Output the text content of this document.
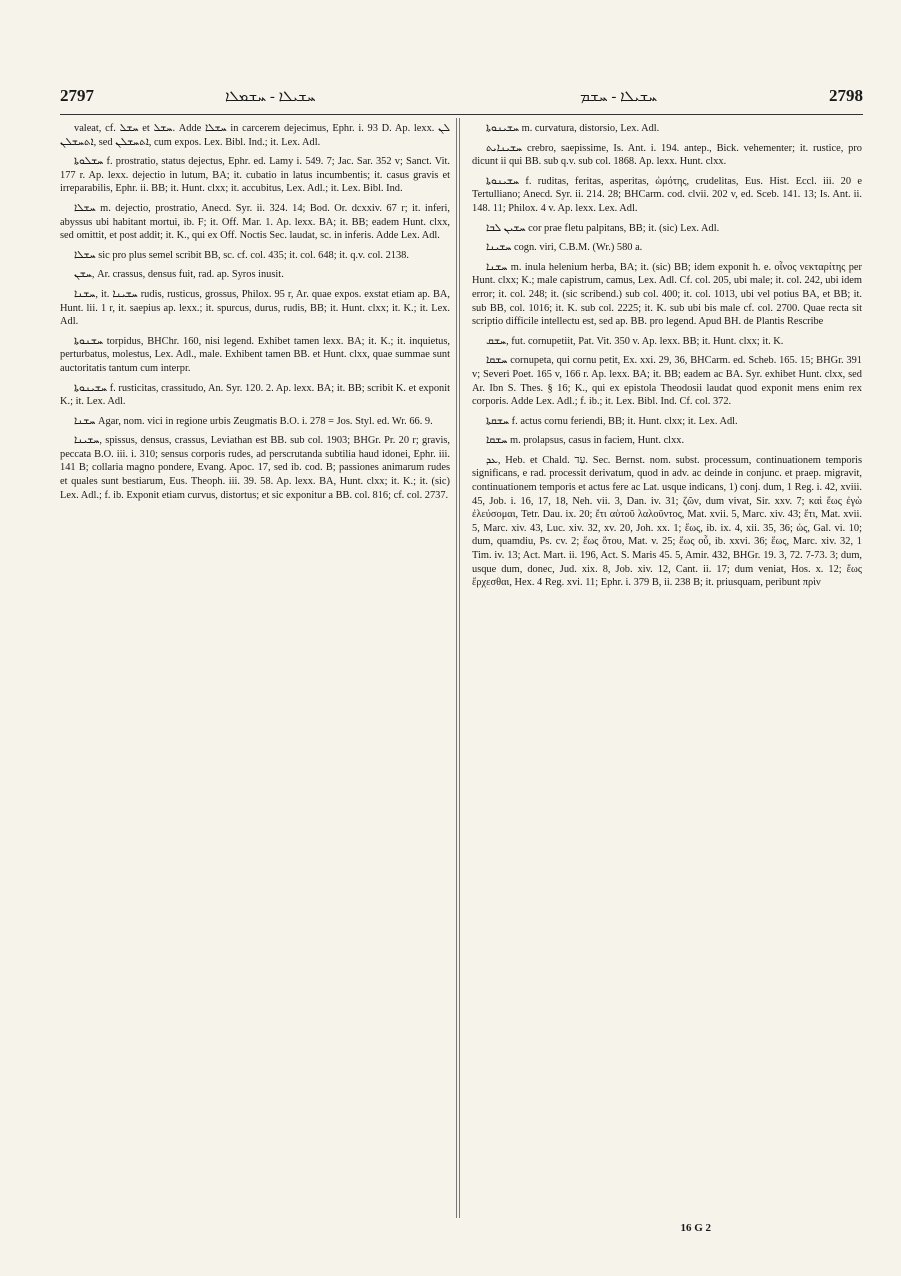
2797	ܚܫܝܠܐ - ܚܫܡܠܐ	ܚܫܝܠܐ - ܚܫܡ	2798

valeat, cf. ܚܫܠ et ܚܫܠ. Adde ܚܫܠܐ in carcerem dejecimus, Ephr. i. 93 D. Ap. lexx. ܠܢ ܐܬܚܫܠܢ, sed ܐܬܚܫܠܢ, cum expos. Lex. Bibl. Ind.; it. Lex. Adl.

ܚܫܠܘܬܐ f. prostratio, status dejectus, Ephr. ed. Lamy i. 549. 7; Jac. Sar. 352 v; Sanct. Vit. 177 r. Ap. lexx. dejectio in lutum, BA; it. cubatio in latus incumbentis; it. casus gravis et irreparabilis, Ephr. ii. BB; it. Hunt. clxx; it. accubitus, Lex. Adl.; it. Lex. Bibl. Ind.

ܚܫܠܐ m. dejectio, prostratio, Anecd. Syr. ii. 324. 14; Bod. Or. dcxxiv. 67 r; it. inferi, abyssus ubi habitant mortui, ib. F; it. Off. Mar. 1. Ap. lexx. BA; it. BB; eadem Hunt. clxx, sed omittit, et post addit; it. K., qui ex Off. Noctis Sec. laudat, sc. in inferis. Adde Lex. Adl.

ܚܫܠܐ sic pro plus semel scribit BB, sc. cf. col. 435; it. col. 648; it. q.v. col. 2138.

ܚܫܢ, Ar. crassus, densus fuit, rad. ap. Syros inusit.

ܚܫܢܐ, it. ܚܫܝܢܐ rudis, rusticus, grossus, Philox. 95 r, Ar. quae expos. exstat etiam ap. BA, Hunt. lii. 1 r, it. saepius ap. lexx.; it. spurcus, durus, rudis, BB; it. Hunt. clxx; it. K.; it. Lex. Adl.

ܚܫܢܘܬܐ torpidus, BHChr. 160, nisi legend. Exhibet tamen lexx. BA; it. K.; it. inquietus, perturbatus, molestus, Lex. Adl., male. Exhibent tamen BB. et Hunt. clxx, quae summae sunt auctoritatis tantum cum interpr.

ܚܫܝܢܘܬܐ f. rusticitas, crassitudo, An. Syr. 120. 2. Ap. lexx. BA; it. BB; scribit K. et exponit K.; it. Lex. Adl.

ܚܫܢܐ Agar, nom. vici in regione urbis Zeugmatis B.O. i. 278 = Jos. Styl. ed. Wr. 66. 9.

ܚܫܝܢܐ, spissus, densus, crassus, Leviathan est BB. sub col. 1903; BHGr. Pr. 20 r; gravis, peccata B.O. iii. i. 310; sensus corporis rudes, ad perscrutanda subtilia haud idonei, Ephr. iii. 141 B; collaria magno pondere, Evang. Apoc. 17, sed ib. cod. B; passiones animarum rudes et quales sunt bestiarum, Eus. Theoph. iii. 39. 58. Ap. lexx. BA, Hunt. clxx; it. K.; it. (sic) Lex. Adl.; f. ib. Exponit etiam curvus, distortus; et sic exponitur a BB. col. 816; cf. col. 2737.

ܚܫܝܢܘܬܐ m. curvatura, distorsio, Lex. Adl.

ܚܫܝܢܐܝܬ crebro, saepissime, Is. Ant. i. 194. antep., Bick. vehementer; it. rustice, pro dicunt ii qui BB. sub q.v. sub col. 1868. Ap. lexx. Hunt. clxx.

ܚܫܝܢܘܬܐ f. ruditas, feritas, asperitas, ὠμότης, crudelitas, Eus. Hist. Eccl. iii. 20 e Tertulliano; Anecd. Syr. ii. 214. 28; BHCarm. cod. clvii. 202 v, ed. Sceb. 141. 13; Is. Ant. ii. 148. 11; Philox. 4 v. Ap. lexx. Lex. Adl.

ܚܫܝܢ ܠܒܐ cor prae fletu palpitans, BB; it. (sic) Lex. Adl.

ܚܫܝܢܐ cogn. viri, C.B.M. (Wr.) 580 a.

ܚܫܢܐ m. inula helenium herba, BA; it. (sic) BB; idem exponit h. e. οἶνος νεκταρίτης per Hunt. clxx; K.; male capistrum, camus, Lex. Adl. Cf. col. 205, ubi male; it. col. 242, ubi idem error; it. col. 248; it. (sic scribend.) sub col. 400; it. col. 1013, ubi vel potius BA, et BB; it. sub BB, col. 1016; it. K. sub col. 2225; it. K. sub ubi bis male cf. col. 2700. Quae recta sit scriptio difficile intellectu est, sed ap. BB. pro legend. Apud BH. de Plantis Rescribe

ܚܫܩ, fut. cornupetiit, Pat. Vit. 350 v. Ap. lexx. BB; it. Hunt. clxx; it. K.

ܚܫܩܐ cornupeta, qui cornu petit, Ex. xxi. 29, 36, BHCarm. ed. Scheb. 165. 15; BHGr. 391 v; Severi Poet. 165 v, 166 r. Ap. lexx. BA; it. BB; eadem ac BA. Syr. exhibet Hunt. clxx, sed Ar. Ibn S. Thes. § 16; K., qui ex epistola Theodosii laudat quod exponit mens enim rex corporis. Adde Lex. Adl.; f. ib.; it. Lex. Bibl. Ind. Cf. col. 372.

ܚܫܩܬܐ f. actus cornu feriendi, BB; it. Hunt. clxx; it. Lex. Adl.

ܚܫܩܐ m. prolapsus, casus in faciem, Hunt. clxx.

ܥܕ, Heb. et Chald. עַד. Sec. Bernst. nom. subst. processum, continuationem temporis significans, e rad. processit derivatum, quod in adv. ac deinde in conjunc. et praep. migravit, continuationem temporis et actus fere ac Lat. usque indicans, 1) conj. dum, 1 Reg. i. 42, xviii. 45, Job. i. 16, 17, 18, Neh. vii. 3, Dan. iv. 31; ζῶν, dum vivat, Sir. xxv. 7; καὶ ἕως ἐγὼ ἐλεύσομαι, Tetr. Dau. ix. 20; ἔτι αὐτοῦ λαλοῦντος, Mat. xvii. 5, Marc. xiv. 43; ἔτι, Mat. xvii. 5, Marc. xiv. 43, Luc. xiv. 32, xv. 20, Joh. xx. 1; ἕως, ib. ix. 4, xii. 35, 36; ὡς, Gal. vi. 10; dum, quamdiu, Ps. cv. 2; ἕως ὅτου, Mat. v. 25; ἕως οὗ, ib. xxvi. 36; ἕως, Marc. xiv. 32, 1 Tim. iv. 13; Act. Mart. ii. 196, Act. S. Maris 45. 5, Amir. 432, BHGr. 19. 3, 72. 7-73. 3; dum, usque dum, donec, Jud. xix. 8, Job. xiv. 12, Cant. ii. 17; dum veniat, Hos. x. 12; ἕως ἔρχεσθαι, Hex. 4 Reg. xvi. 11; Ephr. i. 379 B, ii. 238 B; it. priusquam, peribunt πρὶν

16 G 2
